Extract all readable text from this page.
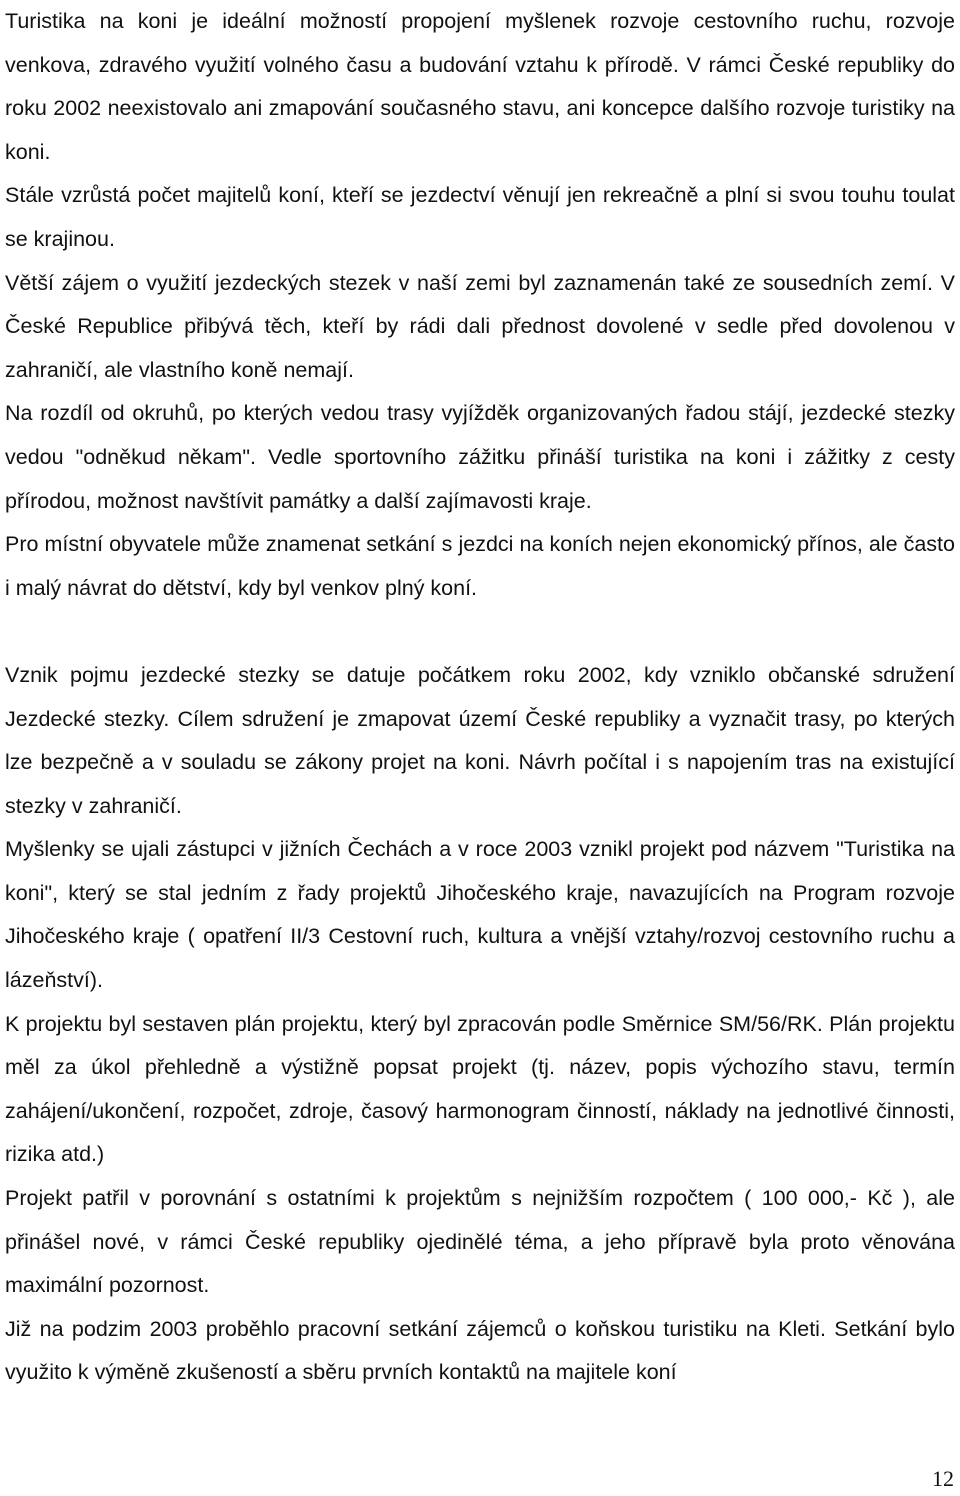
Turistika na koni je ideální možností propojení myšlenek rozvoje cestovního ruchu, rozvoje venkova, zdravého využití volného času a budování vztahu k přírodě. V rámci České republiky do roku 2002 neexistovalo ani zmapování současného stavu, ani koncepce dalšího rozvoje turistiky na koni.

Stále vzrůstá počet majitelů koní, kteří se jezdectví věnují jen rekreačně a plní si svou touhu toulat se krajinou.

Větší zájem o využití jezdeckých stezek v naší zemi byl zaznamenán také ze sousedních zemí. V České Republice přibývá těch, kteří by rádi dali přednost dovolené v sedle před dovolenou v zahraničí, ale vlastního koně nemají.

Na rozdíl od okruhů, po kterých vedou trasy vyjížděk organizovaných řadou stájí, jezdecké stezky vedou "odněkud někam". Vedle sportovního zážitku přináší turistika na koni i zážitky z cesty přírodou, možnost navštívit památky a další zajímavosti kraje.

Pro místní obyvatele může znamenat setkání s jezdci na koních nejen ekonomický přínos, ale často i malý návrat do dětství, kdy byl venkov plný koní.

Vznik pojmu jezdecké stezky se datuje počátkem roku 2002, kdy vzniklo občanské sdružení Jezdecké stezky. Cílem sdružení je zmapovat území České republiky a vyznačit trasy, po kterých lze bezpečně a v souladu se zákony projet na koni. Návrh počítal i s napojením tras na existující stezky v zahraničí.

Myšlenky se ujali zástupci v jižních Čechách a v roce 2003 vznikl projekt pod názvem "Turistika na koni", který se stal jedním z řady projektů Jihočeského kraje, navazujících na Program rozvoje Jihočeského kraje ( opatření II/3 Cestovní ruch, kultura a vnější vztahy/rozvoj cestovního ruchu a lázeňství).

K projektu byl sestaven plán projektu, který byl zpracován podle Směrnice SM/56/RK. Plán projektu měl za úkol přehledně a výstižně popsat projekt (tj. název, popis výchozího stavu, termín zahájení/ukončení, rozpočet, zdroje, časový harmonogram činností, náklady na jednotlivé činnosti, rizika atd.)

Projekt patřil v porovnání s ostatními k projektům s nejnižším rozpočtem ( 100 000,- Kč ), ale přinášel nové, v rámci České republiky ojedinělé téma, a jeho přípravě byla proto věnována maximální pozornost.

Již na podzim 2003 proběhlo pracovní setkání zájemců o koňskou turistiku na Kleti. Setkání bylo využito k výměně zkušeností a sběru prvních kontaktů na majitele koní

12
